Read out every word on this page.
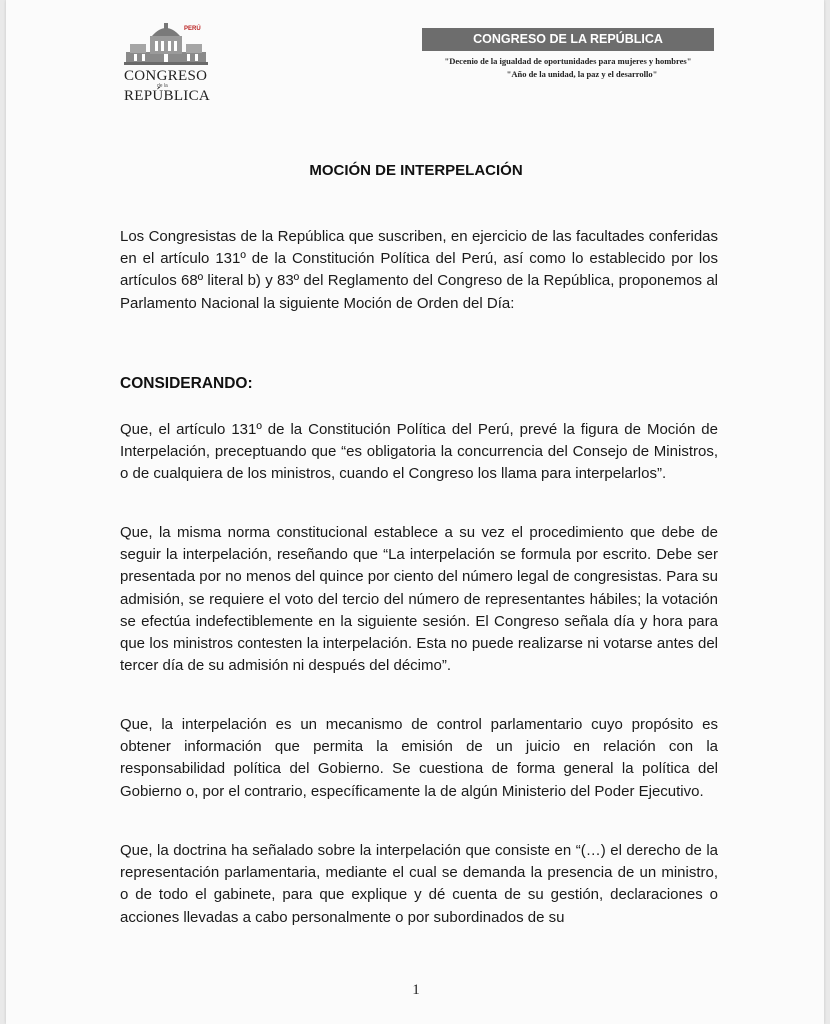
PERÚ
CONGRESO
de la
REPÚBLICA
CONGRESO DE LA REPÚBLICA
"Decenio de la igualdad de oportunidades para mujeres y hombres"
"Año de la unidad, la paz y el desarrollo"
MOCIÓN DE INTERPELACIÓN
Los Congresistas de la República que suscriben, en ejercicio de las facultades conferidas en el artículo 131º de la Constitución Política del Perú, así como lo establecido por los artículos 68º literal b) y 83º del Reglamento del Congreso de la República, proponemos al Parlamento Nacional la siguiente Moción de Orden del Día:
CONSIDERANDO:
Que, el artículo 131º de la Constitución Política del Perú, prevé la figura de Moción de Interpelación, preceptuando que “es obligatoria la concurrencia del Consejo de Ministros, o de cualquiera de los ministros, cuando el Congreso los llama para interpelarlos”.
Que, la misma norma constitucional establece a su vez el procedimiento que debe de seguir la interpelación, reseñando que “La interpelación se formula por escrito. Debe ser presentada por no menos del quince por ciento del número legal de congresistas. Para su admisión, se requiere el voto del tercio del número de representantes hábiles; la votación se efectúa indefectiblemente en la siguiente sesión. El Congreso señala día y hora para que los ministros contesten la interpelación. Esta no puede realizarse ni votarse antes del tercer día de su admisión ni después del décimo”.
Que, la interpelación es un mecanismo de control parlamentario cuyo propósito es obtener información que permita la emisión de un juicio en relación con la responsabilidad política del Gobierno. Se cuestiona de forma general la política del Gobierno o, por el contrario, específicamente la de algún Ministerio del Poder Ejecutivo.
Que, la doctrina ha señalado sobre la interpelación que consiste en “(…) el derecho de la representación parlamentaria, mediante el cual se demanda la presencia de un ministro, o de todo el gabinete, para que explique y dé cuenta de su gestión, declaraciones o acciones llevadas a cabo personalmente o por subordinados de su
1
